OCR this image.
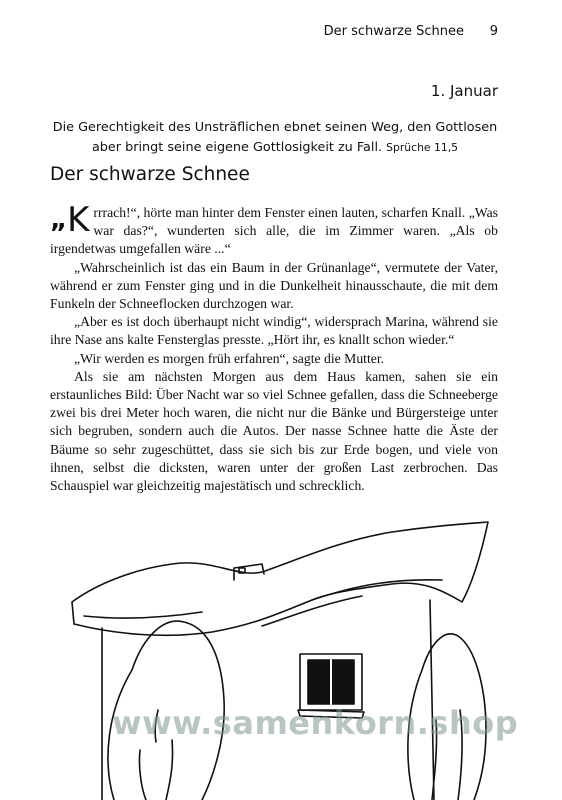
Der schwarze Schnee 9
1. Januar
Die Gerechtigkeit des Unsträflichen ebnet seinen Weg, den Gottlosen aber bringt seine eigene Gottlosigkeit zu Fall. Sprüche 11,5
Der schwarze Schnee

„K rrrach!“, hörte man hinter dem Fenster einen lauten, scharfen Knall. „Was war das?“, wunderten sich alle, die im Zimmer waren. „Als ob irgendetwas umgefallen wäre ...“

„Wahrscheinlich ist das ein Baum in der Grünanlage“, vermutete der Vater, während er zum Fenster ging und in die Dunkelheit hinausschaute, die mit dem Funkeln der Schneeflocken durchzogen war.

„Aber es ist doch überhaupt nicht windig“, widersprach Marina, während sie ihre Nase ans kalte Fensterglas presste. „Hört ihr, es knallt schon wieder.“

„Wir werden es morgen früh erfahren“, sagte die Mutter.

Als sie am nächsten Morgen aus dem Haus kamen, sahen sie ein erstaunliches Bild: Über Nacht war so viel Schnee gefallen, dass die Schneeberge zwei bis drei Meter hoch waren, die nicht nur die Bänke und Bürgersteige unter sich begruben, sondern auch die Autos. Der nasse Schnee hatte die Äste der Bäume so sehr zugeschüttet, dass sie sich bis zur Erde bogen, und viele von ihnen, selbst die dicksten, waren unter der großen Last zerbrochen. Das Schauspiel war gleichzeitig majestätisch und schrecklich.

www.samenkorn.shop
